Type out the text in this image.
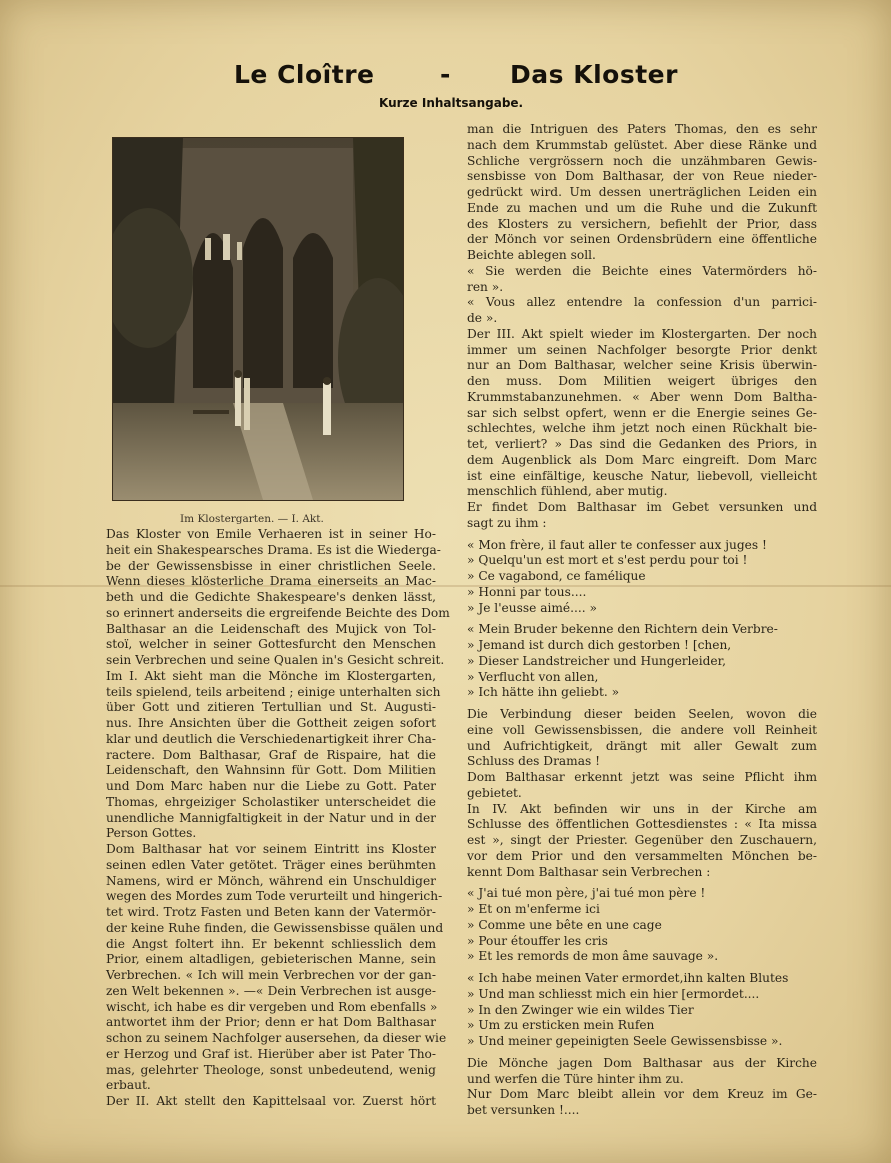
Le Cloître	- Das Kloster
Kurze Inhaltsangabe.
Im Klostergarten. — I. Akt.
Das Kloster von Emile Verhaeren ist in seiner Ho-
heit ein Shakespearsches Drama. Es ist die Wiederga-
be der Gewissensbisse in einer christlichen Seele.
Wenn dieses klösterliche Drama einerseits an Mac-
beth und die Gedichte Shakespeare's denken lässt,
so erinnert anderseits die ergreifende Beichte des Dom
Balthasar an die Leidenschaft des Mujick von Tol-
stoï, welcher in seiner Gottesfurcht den Menschen
sein Verbrechen und seine Qualen in's Gesicht schreit.
Im I. Akt sieht man die Mönche im Klostergarten,
teils spielend, teils arbeitend ; einige unterhalten sich
über Gott und zitieren Tertullian und St. Augusti-
nus. Ihre Ansichten über die Gottheit zeigen sofort
klar und deutlich die Verschiedenartigkeit ihrer Cha-
ractere. Dom Balthasar, Graf de Rispaire, hat die
Leidenschaft, den Wahnsinn für Gott. Dom Militien
und Dom Marc haben nur die Liebe zu Gott. Pater
Thomas, ehrgeiziger Scholastiker unterscheidet die
unendliche Mannigfaltigkeit in der Natur und in der
Person Gottes.
Dom Balthasar hat vor seinem Eintritt ins Kloster
seinen edlen Vater getötet. Träger eines berühmten
Namens, wird er Mönch, während ein Unschuldiger
wegen des Mordes zum Tode verurteilt und hingerich-
tet wird. Trotz Fasten und Beten kann der Vatermör-
der keine Ruhe finden, die Gewissensbisse quälen und
die Angst foltert ihn. Er bekennt schliesslich dem
Prior, einem altadligen, gebieterischen Manne, sein
Verbrechen. « Ich will mein Verbrechen vor der gan-
zen Welt bekennen ». —« Dein Verbrechen ist ausge-
wischt, ich habe es dir vergeben und Rom ebenfalls »
antwortet ihm der Prior; denn er hat Dom Balthasar
schon zu seinem Nachfolger ausersehen, da dieser wie
er Herzog und Graf ist. Hierüber aber ist Pater Tho-
mas, gelehrter Theologe, sonst unbedeutend, wenig
erbaut.
Der II. Akt stellt den Kapittelsaal vor. Zuerst hört
man die Intriguen des Paters Thomas, den es sehr
nach dem Krummstab gelüstet. Aber diese Ränke und
Schliche vergrössern noch die unzähmbaren Gewis-
sensbisse von Dom Balthasar, der von Reue nieder-
gedrückt wird. Um dessen unerträglichen Leiden ein
Ende zu machen und um die Ruhe und die Zukunft
des Klosters zu versichern, befiehlt der Prior, dass
der Mönch vor seinen Ordensbrüdern eine öffentliche
Beichte ablegen soll.
« Sie werden die Beichte eines Vatermörders hö-
ren ».
« Vous allez entendre la confession d'un parrici-
de ».
Der III. Akt spielt wieder im Klostergarten. Der noch
immer um seinen Nachfolger besorgte Prior denkt
nur an Dom Balthasar, welcher seine Krisis überwin-
den muss. Dom Militien weigert übriges den
Krummstabanzunehmen. « Aber wenn Dom Baltha-
sar sich selbst opfert, wenn er die Energie seines Ge-
schlechtes, welche ihm jetzt noch einen Rückhalt bie-
tet, verliert? » Das sind die Gedanken des Priors, in
dem Augenblick als Dom Marc eingreift. Dom Marc
ist eine einfältige, keusche Natur, liebevoll, vielleicht
menschlich fühlend, aber mutig.
Er findet Dom Balthasar im Gebet versunken und
sagt zu ihm :
« Mon frère, il faut aller te confesser aux juges !
» Quelqu'un est mort et s'est perdu pour toi !
» Ce vagabond, ce famélique
» Honni par tous....
» Je l'eusse aimé.... »
« Mein Bruder bekenne den Richtern dein Verbre-
» Jemand ist durch dich gestorben ! [chen,
» Dieser Landstreicher und Hungerleider,
» Verflucht von allen,
» Ich hätte ihn geliebt. »
Die Verbindung dieser beiden Seelen, wovon die
eine voll Gewissensbissen, die andere voll Reinheit
und Aufrichtigkeit, drängt mit aller Gewalt zum
Schluss des Dramas !
Dom Balthasar erkennt jetzt was seine Pflicht ihm
gebietet.
In IV. Akt befinden wir uns in der Kirche am
Schlusse des öffentlichen Gottesdienstes : « Ita missa
est », singt der Priester. Gegenüber den Zuschauern,
vor dem Prior und den versammelten Mönchen be-
kennt Dom Balthasar sein Verbrechen :
« J'ai tué mon père, j'ai tué mon père !
» Et on m'enferme ici
» Comme une bête en une cage
» Pour étouffer les cris
» Et les remords de mon âme sauvage ».
« Ich habe meinen Vater ermordet,ihn kalten Blutes
» Und man schliesst mich ein hier [ermordet....
» In den Zwinger wie ein wildes Tier
» Um zu ersticken mein Rufen
» Und meiner gepeinigten Seele Gewissensbisse ».
Die Mönche jagen Dom Balthasar aus der Kirche
und werfen die Türe hinter ihm zu.
Nur Dom Marc bleibt allein vor dem Kreuz im Ge-
bet versunken !....
